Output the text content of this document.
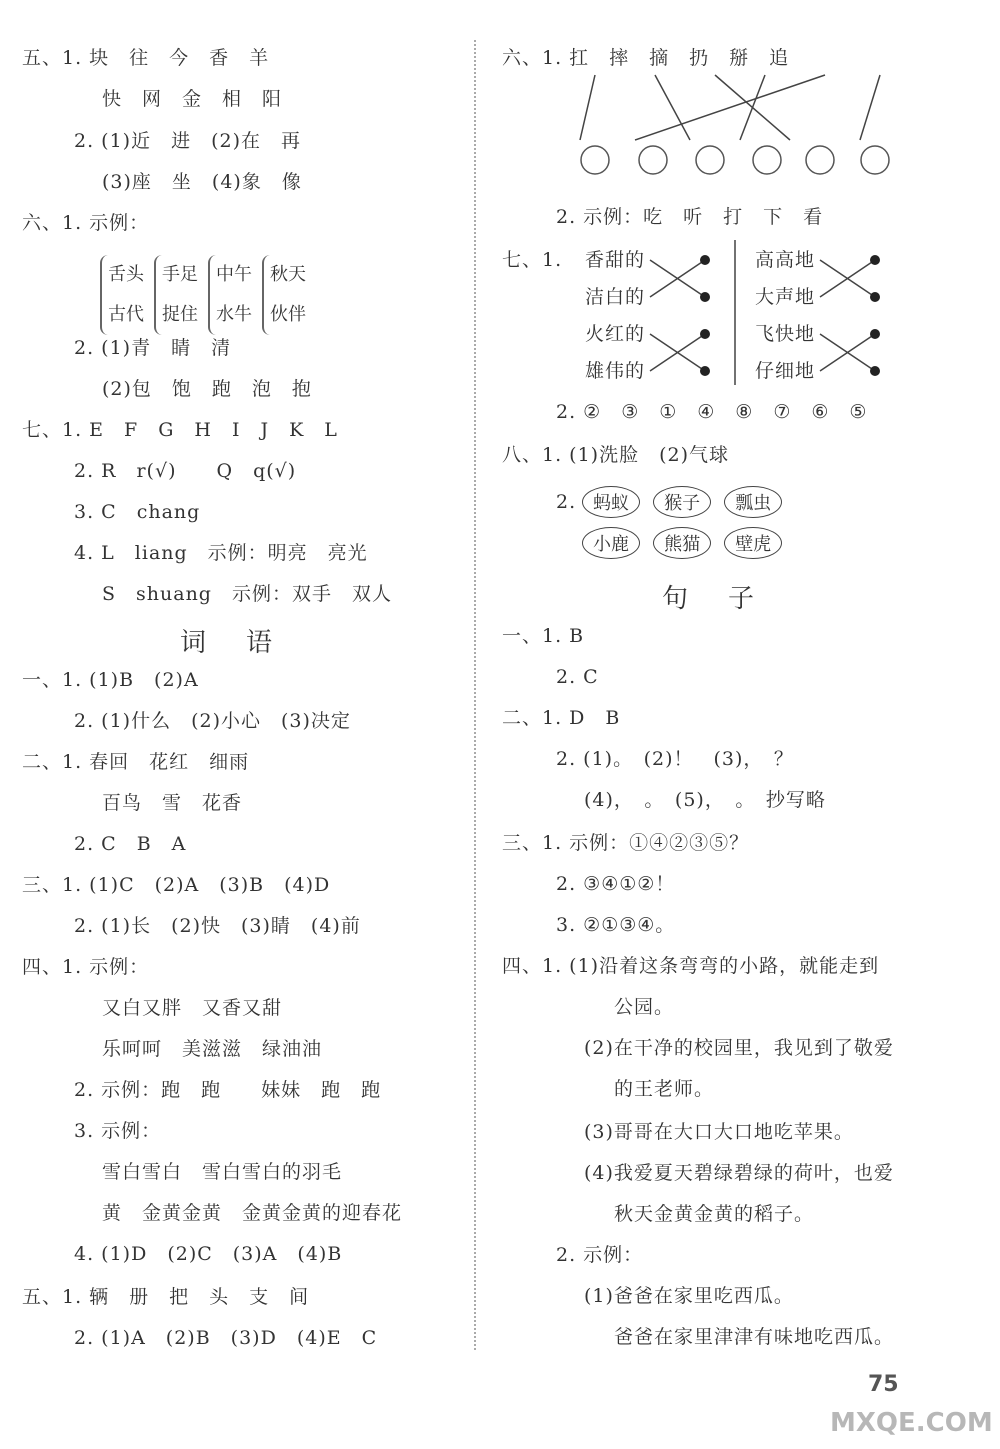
五、1. 块　往　今　香　羊
快　网　金　相　阳
2. (1)近　进　(2)在　再
(3)座　坐　(4)象　像
六、1. 示例：
舌头
古代
手足
捉住
中午
水牛
秋天
伙伴
2. (1)青　睛　清
(2)包　饱　跑　泡　抱
七、1. E　F　G　H　I　J　K　L
2. R　r(√)　　Q　q(√)
3. C　chang
4. L　liang　示例：明亮　亮光
S　shuang　示例：双手　双人
词语
一、1. (1)B　(2)A
2. (1)什么　(2)小心　(3)决定
二、1. 春回　花红　细雨
百鸟　雪　花香
2. C　B　A
三、1. (1)C　(2)A　(3)B　(4)D
2. (1)长　(2)快　(3)睛　(4)前
四、1. 示例：
又白又胖　又香又甜
乐呵呵　美滋滋　绿油油
2. 示例：跑　跑　　妹妹　跑　跑
3. 示例：
雪白雪白　雪白雪白的羽毛
黄　金黄金黄　金黄金黄的迎春花
4. (1)D　(2)C　(3)A　(4)B
五、1. 辆　册　把　头　支　间
2. (1)A　(2)B　(3)D　(4)E　C
六、1. 扛　摔　摘　扔　掰　追
2. 示例：吃　听　打　下　看
七、1. 香甜的
洁白的
火红的
雄伟的
高高地
大声地
飞快地
仔细地
2. ②　③　①　④　⑧　⑦　⑥　⑤
八、1. (1)洗脸　(2)气球
2. 蚂蚁 猴子 瓢虫
小鹿 熊猫 壁虎
句子
一、1. B
2. C
二、1. D　B
2. (1)。　(2)！　(3)，　？
(4)，　。　(5)，　。　抄写略
三、1. 示例：①④②③⑤？
2. ③④①②！
3. ②①③④。
四、1. (1)沿着这条弯弯的小路，就能走到
公园。
(2)在干净的校园里，我见到了敬爱
的王老师。
(3)哥哥在大口大口地吃苹果。
(4)我爱夏天碧绿碧绿的荷叶，也爱
秋天金黄金黄的稻子。
2. 示例：
(1)爸爸在家里吃西瓜。
爸爸在家里津津有味地吃西瓜。
75
MXQE.COM
